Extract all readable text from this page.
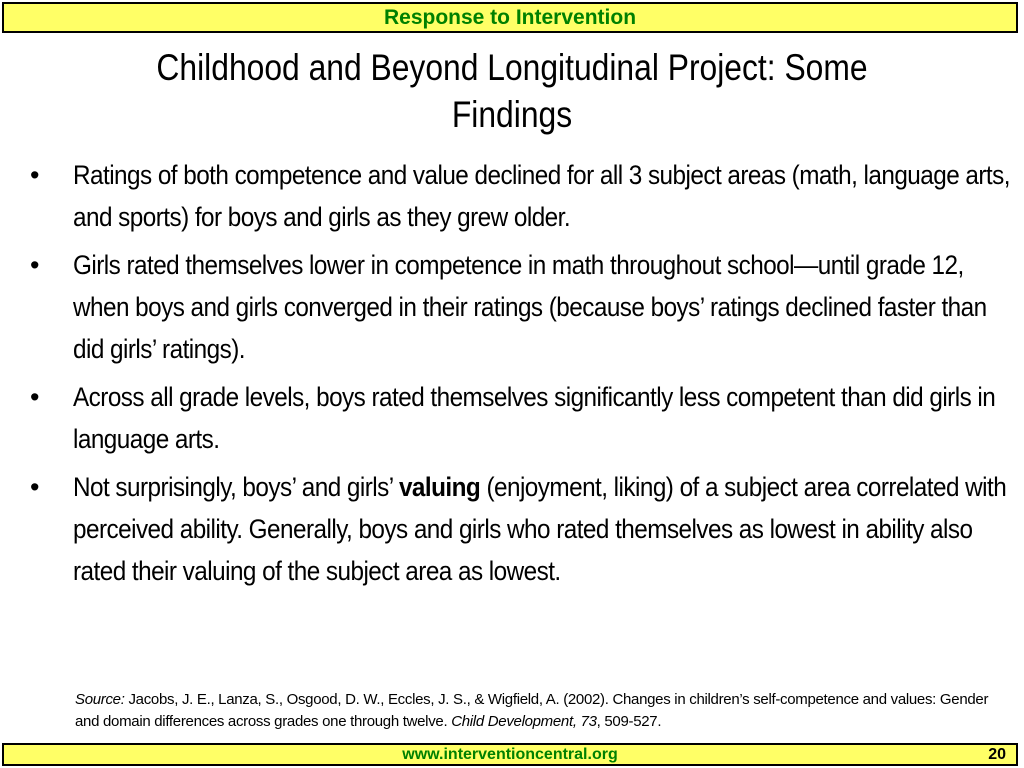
Response to Intervention
Childhood and Beyond Longitudinal Project: Some Findings
•	Ratings of both competence and value declined for all 3 subject areas (math, language arts, and sports) for boys and girls as they grew older.
•	Girls rated themselves lower in competence in math throughout school—until grade 12, when boys and girls converged in their ratings (because boys’ ratings declined faster than did girls’ ratings).
•	Across all grade levels, boys rated themselves significantly less competent than did girls in language arts.
•	Not surprisingly, boys’ and girls’ valuing (enjoyment, liking) of a subject area correlated with perceived ability. Generally, boys and girls who rated themselves as lowest in ability also rated their valuing of the subject area as lowest.
Source: Jacobs, J. E., Lanza, S., Osgood, D. W., Eccles, J. S., & Wigfield, A. (2002). Changes in children’s self-competence and values: Gender and domain differences across grades one through twelve. Child Development, 73, 509-527.
www.interventioncentral.org	20
